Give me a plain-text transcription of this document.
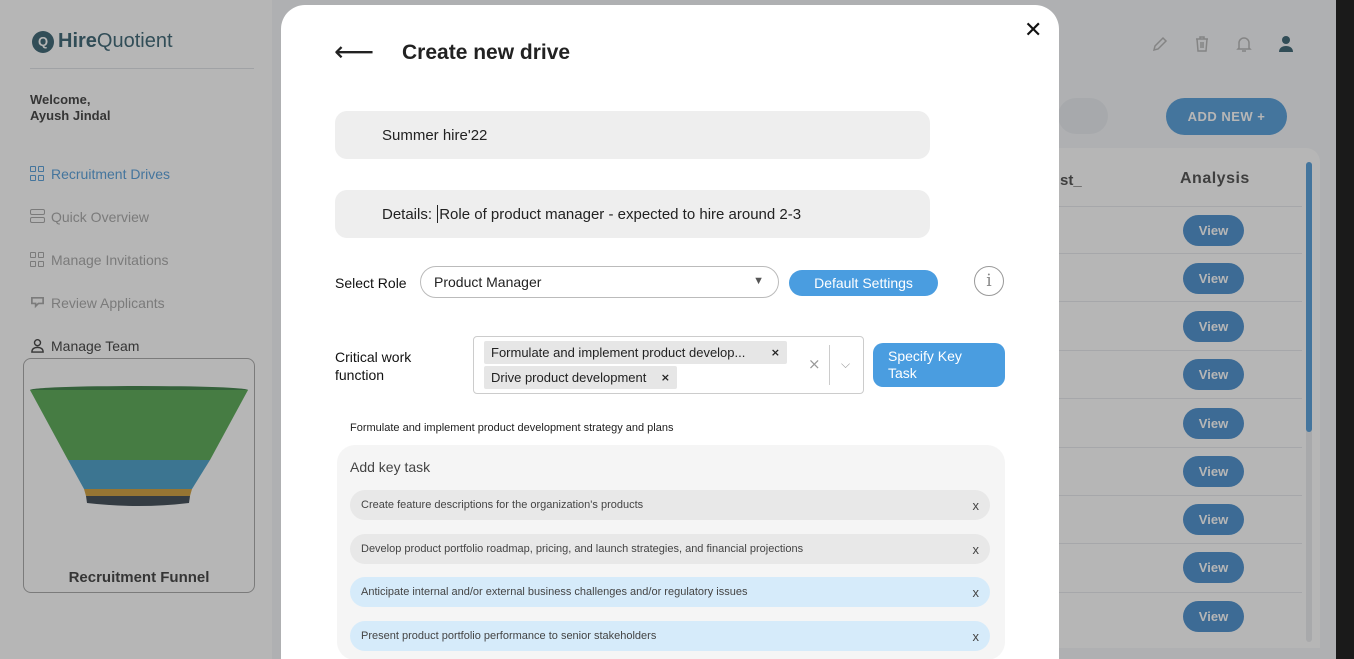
Q Hire Quotient
Welcome,
Ayush Jindal
Recruitment Drives
Quick Overview
Manage Invitations
Review Applicants
Manage Team
Recruitment Funnel
ADD NEW +
st_	Analysis
View
View
View
View
View
View
View
View
View
✕
⟵ Create new drive
Summer hire'22
Details:
Role of product manager - expected to hire around 2-3
Select Role Product Manager	▼	Default Settings	i
Critical work
function
Formulate and implement product develop... ×
Drive product development ×
× ⌵	Specify Key
Task
Formulate and implement product development strategy and plans
Add key task
Create feature descriptions for the organization's products	x
Develop product portfolio roadmap, pricing, and launch strategies, and financial projections	x
Anticipate internal and/or external business challenges and/or regulatory issues	x
Present product portfolio performance to senior stakeholders	x
